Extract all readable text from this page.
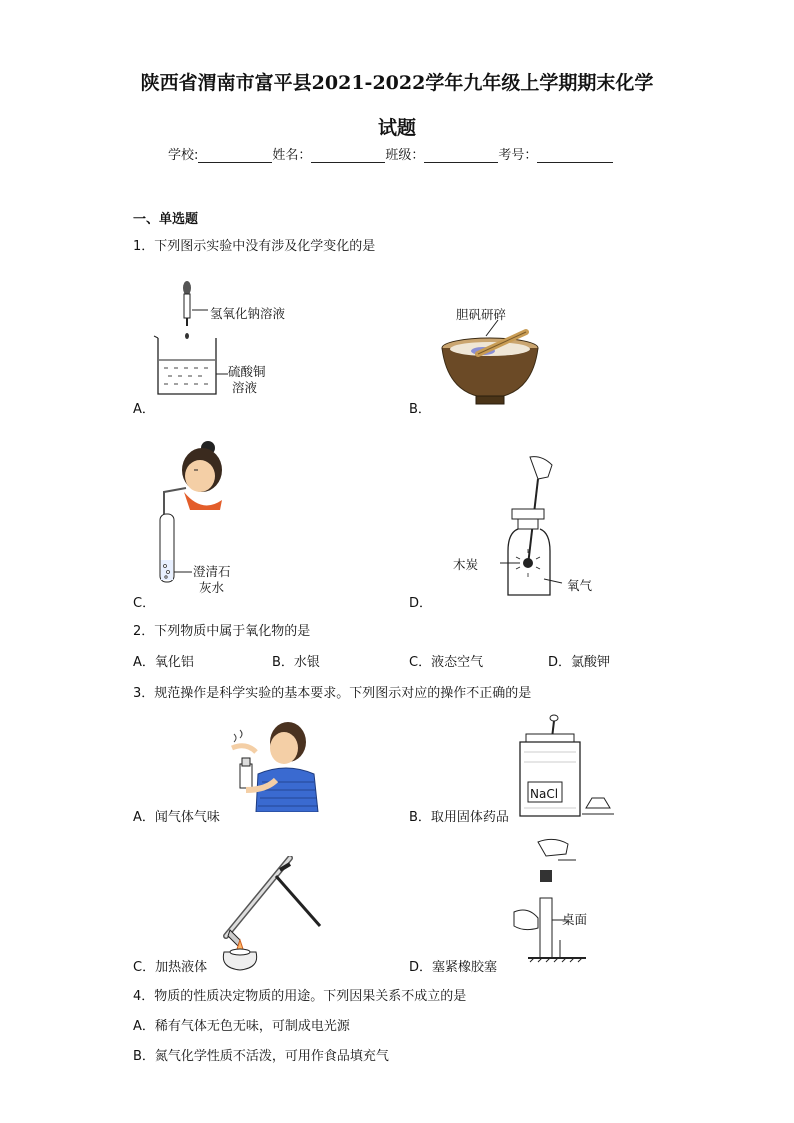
陕西省渭南市富平县2021-2022学年九年级上学期期末化学
试题
学校:	姓名：	班级：	考号：
一、单选题
1．下列图示实验中没有涉及化学变化的是
氢氧化钠溶液
硫酸铜
溶液
A．
胆矾研碎
B．
澄清石
灰水
C．
木炭
氧气
D．
2．下列物质中属于氧化物的是
A．氧化铝	B．水银	C．液态空气	D．氯酸钾
3．规范操作是科学实验的基本要求。下列图示对应的操作不正确的是
A．闻气体气味
NaCl
B．取用固体药品
C．加热液体
桌面
D．塞紧橡胶塞
4．物质的性质决定物质的用途。下列因果关系不成立的是
A．稀有气体无色无味，可制成电光源
B．氮气化学性质不活泼，可用作食品填充气
